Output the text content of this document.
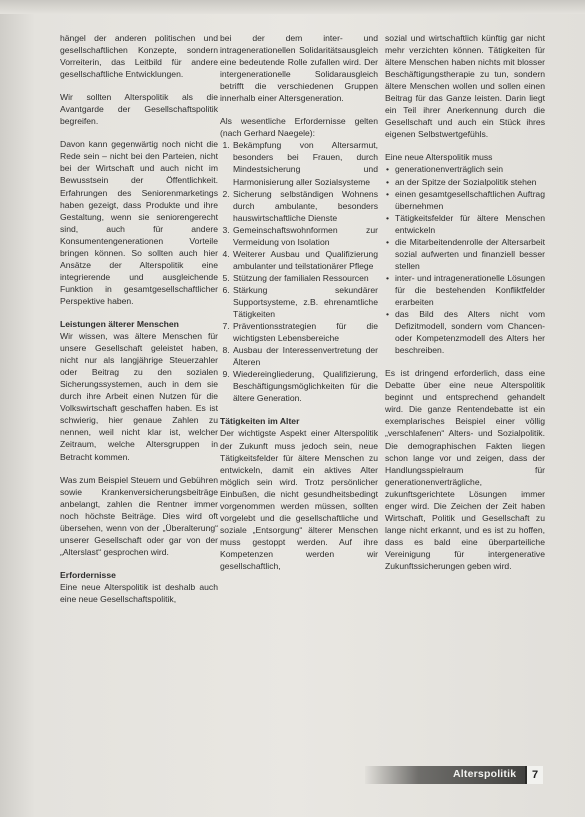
hängel der anderen politischen und gesellschaftlichen Konzepte, sondern Vorreiterin, das Leitbild für andere gesellschaftliche Entwicklungen.

Wir sollten Alterspolitik als die Avantgarde der Gesellschaftspolitik begreifen.

Davon kann gegenwärtig noch nicht die Rede sein – nicht bei den Parteien, nicht bei der Wirtschaft und auch nicht im Bewusstsein der Öffentlichkeit. Erfahrungen des Seniorenmarketings haben gezeigt, dass Produkte und ihre Gestaltung, wenn sie seniorengerecht sind, auch für andere Konsumentengenerationen Vorteile bringen können. So sollten auch hier Ansätze der Alterspolitik eine integrierende und ausgleichende Funktion in gesamtgesellschaftlicher Perspektive haben.

Leistungen älterer Menschen

Wir wissen, was ältere Menschen für unsere Gesellschaft geleistet haben, nicht nur als langjährige Steuerzahler oder Beitrag zu den sozialen Sicherungssystemen, auch in dem sie durch ihre Arbeit einen Nutzen für die Volkswirtschaft geschaffen haben. Es ist schwierig, hier genaue Zahlen zu nennen, weil nicht klar ist, welcher Zeitraum, welche Altersgruppen in Betracht kommen.

Was zum Beispiel Steuern und Gebühren sowie Krankenversicherungsbeiträge anbelangt, zahlen die Rentner immer noch höchste Beiträge. Dies wird oft übersehen, wenn von der „Überalterung“ unserer Gesellschaft oder gar von der „Alterslast“ gesprochen wird.

Erfordernisse

Eine neue Alterspolitik ist deshalb auch eine neue Gesellschaftspolitik,

bei der dem inter- und intragenerationellen Solidaritätsausgleich eine bedeutende Rolle zufallen wird. Der intergenerationelle Solidarausgleich betrifft die verschiedenen Gruppen innerhalb einer Altersgeneration.

Als wesentliche Erfordernisse gelten (nach Gerhard Naegele):

1. Bekämpfung von Altersarmut, besonders bei Frauen, durch Mindestsicherung und Harmonisierung aller Sozialsysteme
2. Sicherung selbständigen Wohnens durch ambulante, besonders hauswirtschaftliche Dienste
3. Gemeinschaftswohnformen zur Vermeidung von Isolation
4. Weiterer Ausbau und Qualifizierung ambulanter und teilstationärer Pflege
5. Stützung der familialen Ressourcen
6. Stärkung sekundärer Supportsysteme, z.B. ehrenamtliche Tätigkeiten
7. Präventionsstrategien für die wichtigsten Lebensbereiche
8. Ausbau der Interessenvertretung der Älteren
9. Wiedereingliederung, Qualifizierung, Beschäftigungsmöglichkeiten für die ältere Generation.

Tätigkeiten im Alter

Der wichtigste Aspekt einer Alterspolitik der Zukunft muss jedoch sein, neue Tätigkeitsfelder für ältere Menschen zu entwickeln, damit ein aktives Alter möglich sein wird. Trotz persönlicher Einbußen, die nicht gesundheitsbedingt vorgenommen werden müssen, sollten vorgelebt und die gesellschaftliche und soziale „Entsorgung“ älterer Menschen muss gestoppt werden. Auf ihre Kompetenzen werden wir gesellschaftlich,

sozial und wirtschaftlich künftig gar nicht mehr verzichten können. Tätigkeiten für ältere Menschen haben nichts mit blosser Beschäftigungstherapie zu tun, sondern ältere Menschen wollen und sollen einen Beitrag für das Ganze leisten. Darin liegt ein Teil ihrer Anerkennung durch die Gesellschaft und auch ein Stück ihres eigenen Selbstwertgefühls.

Eine neue Alterspolitik muss

• generationenverträglich sein
• an der Spitze der Sozialpolitik stehen
• einen gesamtgesellschaftlichen Auftrag übernehmen
• Tätigkeitsfelder für ältere Menschen entwickeln
• die Mitarbeitendenrolle der Altersarbeit sozial aufwerten und finanziell besser stellen
• inter- und intragenerationelle Lösungen für die bestehenden Konfliktfelder erarbeiten
• das Bild des Alters nicht vom Defizitmodell, sondern vom Chancen- oder Kompetenzmodell des Alters her beschreiben.

Es ist dringend erforderlich, dass eine Debatte über eine neue Alterspolitik beginnt und entsprechend gehandelt wird. Die ganze Rentendebatte ist ein exemplarisches Beispiel einer völlig „verschlafenen“ Alters- und Sozialpolitik. Die demographischen Fakten liegen schon lange vor und zeigen, dass der Handlungsspielraum für generationenverträgliche, zukunftsgerichtete Lösungen immer enger wird. Die Zeichen der Zeit haben Wirtschaft, Politik und Gesellschaft zu lange nicht erkannt, und es ist zu hoffen, dass es bald eine überparteiliche Vereinigung für intergenerative Zukunftssicherungen geben wird.

Alterspolitik	7
